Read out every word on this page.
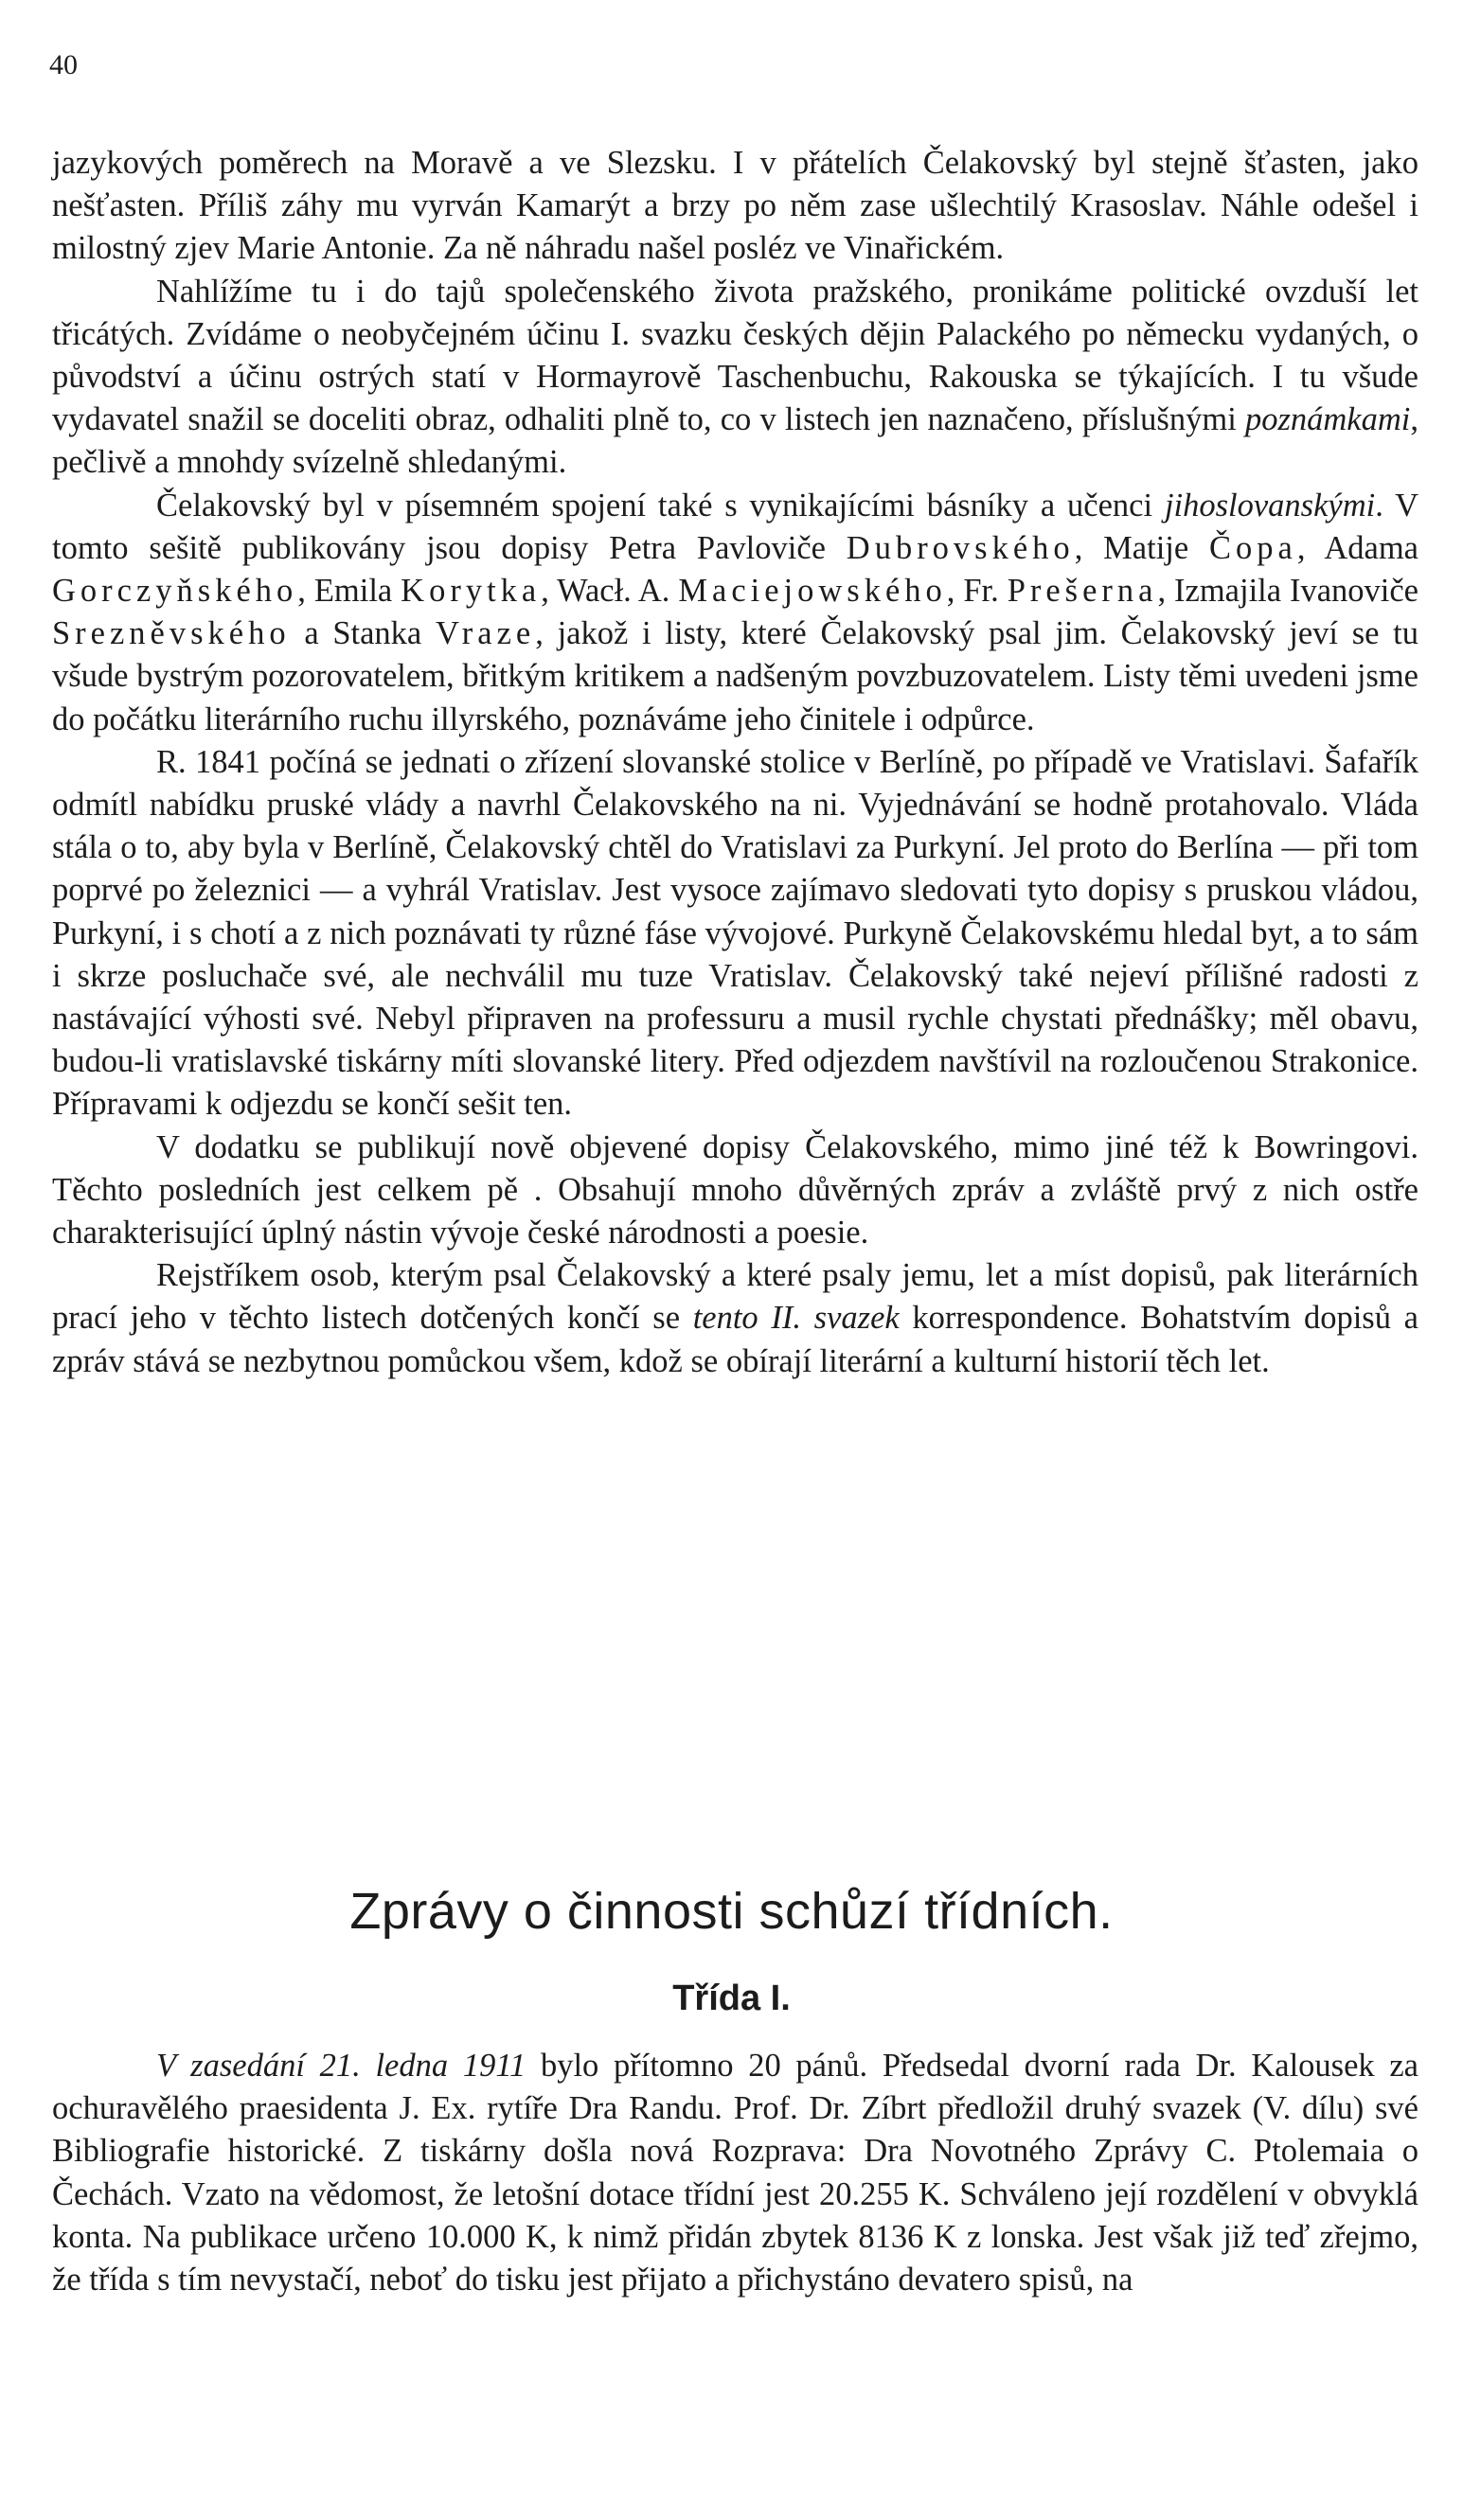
40

jazykových poměrech na Moravě a ve Slezsku. I v přátelích Čelakovský byl stejně šťasten, jako nešťasten. Příliš záhy mu vyrván Kamarýt a brzy po něm zase ušlechtilý Krasoslav. Náhle odešel i milostný zjev Marie Antonie. Za ně náhradu našel posléz ve Vinařickém.

Nahlížíme tu i do tajů společenského života pražského, pronikáme politické ovzduší let třicátých. Zvídáme o neobyčejném účinu I. svazku českých dějin Palackého po německu vydaných, o původství a účinu ostrých statí v Hormayrově Taschenbuchu, Rakouska se týkajících. I tu všude vydavatel snažil se doceliti obraz, odhaliti plně to, co v listech jen naznačeno, příslušnými poznámkami, pečlivě a mnohdy svízelně shledanými.

Čelakovský byl v písemném spojení také s vynikajícími básníky a učenci jihoslovanskými. V tomto sešitě publikovány jsou dopisy Petra Pavloviče Dubrovského, Matije Čopa, Adama Gorczyňského, Emila Korytka, Wacł. A. Maciejowského, Fr. Prešerna, Izmajila Ivanoviče Srezněvského a Stanka Vraze, jakož i listy, které Čelakovský psal jim. Čelakovský jeví se tu všude bystrým pozorovatelem, břitkým kritikem a nadšeným povzbuzovatelem. Listy těmi uvedeni jsme do počátku literárního ruchu illyrského, poznáváme jeho činitele i odpůrce.

R. 1841 počíná se jednati o zřízení slovanské stolice v Berlíně, po případě ve Vratislavi. Šafařík odmítl nabídku pruské vlády a navrhl Čelakovského na ni. Vyjednávání se hodně protahovalo. Vláda stála o to, aby byla v Berlíně, Čelakovský chtěl do Vratislavi za Purkyní. Jel proto do Berlína — při tom poprvé po železnici — a vyhrál Vratislav. Jest vysoce zajímavo sledovati tyto dopisy s pruskou vládou, Purkyní, i s chotí a z nich poznávati ty různé fáse vývojové. Purkyně Čelakovskému hledal byt, a to sám i skrze posluchače své, ale nechválil mu tuze Vratislav. Čelakovský také nejeví přílišné radosti z nastávající výhosti své. Nebyl připraven na professuru a musil rychle chystati přednášky; měl obavu, budou-li vratislavské tiskárny míti slovanské litery. Před odjezdem navštívil na rozloučenou Strakonice. Přípravami k odjezdu se končí sešit ten.

V dodatku se publikují nově objevené dopisy Čelakovského, mimo jiné též k Bowringovi. Těchto posledních jest celkem pě . Obsahují mnoho důvěrných zpráv a zvláště prvý z nich ostře charakterisující úplný nástin vývoje české národnosti a poesie.

Rejstříkem osob, kterým psal Čelakovský a které psaly jemu, let a míst dopisů, pak literárních prací jeho v těchto listech dotčených končí se tento II. svazek korrespondence. Bohatstvím dopisů a zpráv stává se nezbytnou pomůckou všem, kdož se obírají literární a kulturní historií těch let.

Zprávy o činnosti schůzí třídních.
Třída I.

V zasedání 21. ledna 1911 bylo přítomno 20 pánů. Předsedal dvorní rada Dr. Kalousek za ochuravělého praesidenta J. Ex. rytíře Dra Randu. Prof. Dr. Zíbrt předložil druhý svazek (V. dílu) své Bibliografie historické. Z tiskárny došla nová Rozprava: Dra Novotného Zprávy C. Ptolemaia o Čechách. Vzato na vědomost, že letošní dotace třídní jest 20.255 K. Schváleno její rozdělení v obvyklá konta. Na publikace určeno 10.000 K, k nimž přidán zbytek 8136 K z lonska. Jest však již teď zřejmo, že třída s tím nevystačí, neboť do tisku jest přijato a přichystáno devatero spisů, na
